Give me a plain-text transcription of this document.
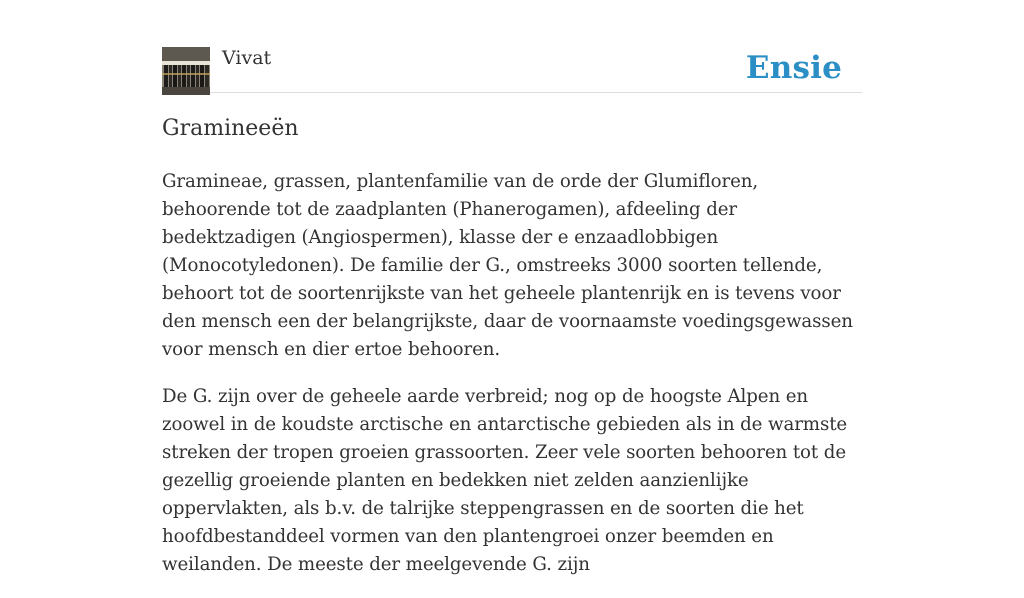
Vivat	Ensie
Gramineeën

Gramineae, grassen, plantenfamilie van de orde der Glumifloren, behoorende tot de zaadplanten (Phanerogamen), afdeeling der bedektzadigen (Angiospermen), klasse der e enzaadlobbigen (Monocotyledonen). De familie der G., omstreeks 3000 soorten tellende, behoort tot de soortenrijkste van het geheele plantenrijk en is tevens voor den mensch een der belangrijkste, daar de voornaamste voedingsgewassen voor mensch en dier ertoe behooren.

De G. zijn over de geheele aarde verbreid; nog op de hoogste Alpen en zoowel in de koudste arctische en antarctische gebieden als in de warmste streken der tropen groeien grassoorten. Zeer vele soorten behooren tot de gezellig groeiende planten en bedekken niet zelden aanzienlijke oppervlakten, als b.v. de talrijke steppengrassen en de soorten die het hoofdbestanddeel vormen van den plantengroei onzer beemden en weilanden. De meeste der meelgevende G. zijn
